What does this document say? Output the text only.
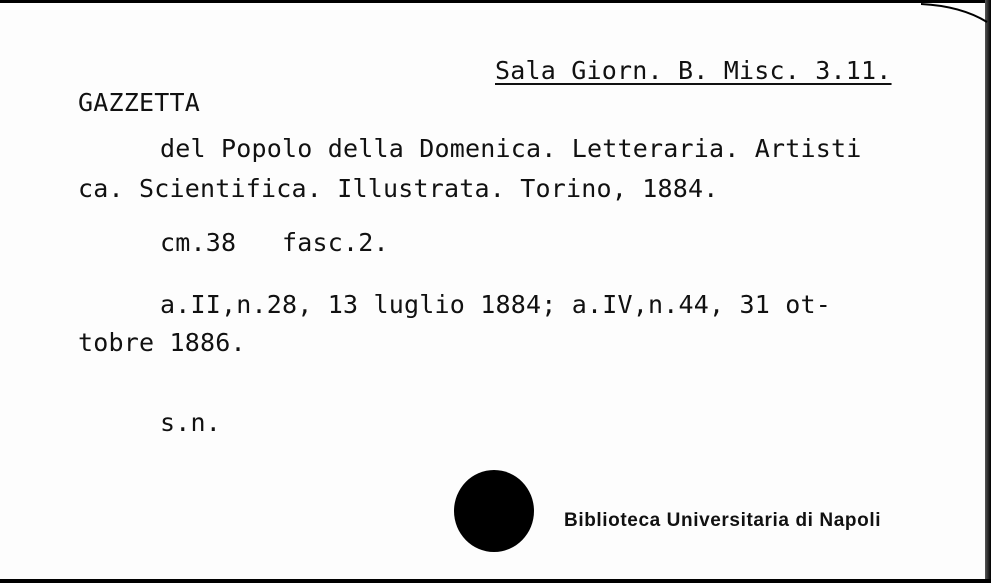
Sala Giorn. B. Misc. 3.11.
GAZZETTA
del Popolo della Domenica. Letteraria. Artisti
ca. Scientifica. Illustrata. Torino, 1884.
cm.38   fasc.2.
a.II,n.28, 13 luglio 1884; a.IV,n.44, 31 ot-
tobre 1886.
s.n.
Biblioteca Universitaria di Napoli
